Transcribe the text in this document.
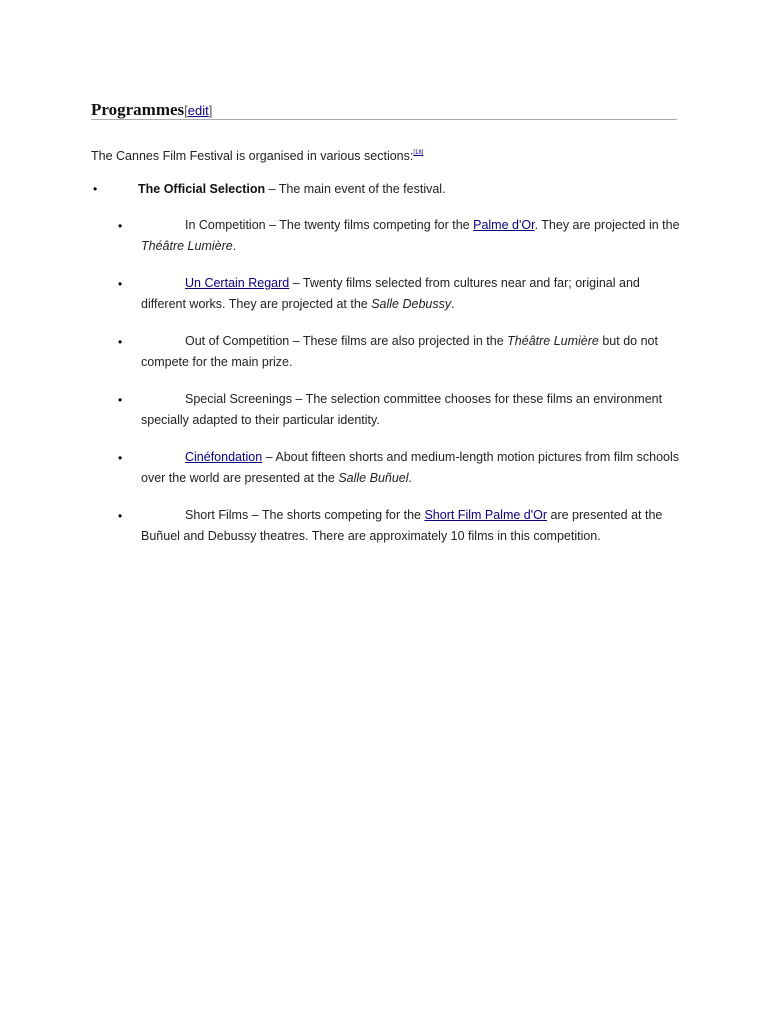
Programmes[edit]
The Cannes Film Festival is organised in various sections:[18]
•	The Official Selection – The main event of the festival.
•	In Competition – The twenty films competing for the Palme d'Or. They are projected in the Théâtre Lumière.
•	Un Certain Regard – Twenty films selected from cultures near and far; original and different works. They are projected at the Salle Debussy.
•	Out of Competition – These films are also projected in the Théâtre Lumière but do not compete for the main prize.
•	Special Screenings – The selection committee chooses for these films an environment specially adapted to their particular identity.
•	Cinéfondation – About fifteen shorts and medium-length motion pictures from film schools over the world are presented at the Salle Buñuel.
•	Short Films – The shorts competing for the Short Film Palme d'Or are presented at the Buñuel and Debussy theatres. There are approximately 10 films in this competition.
